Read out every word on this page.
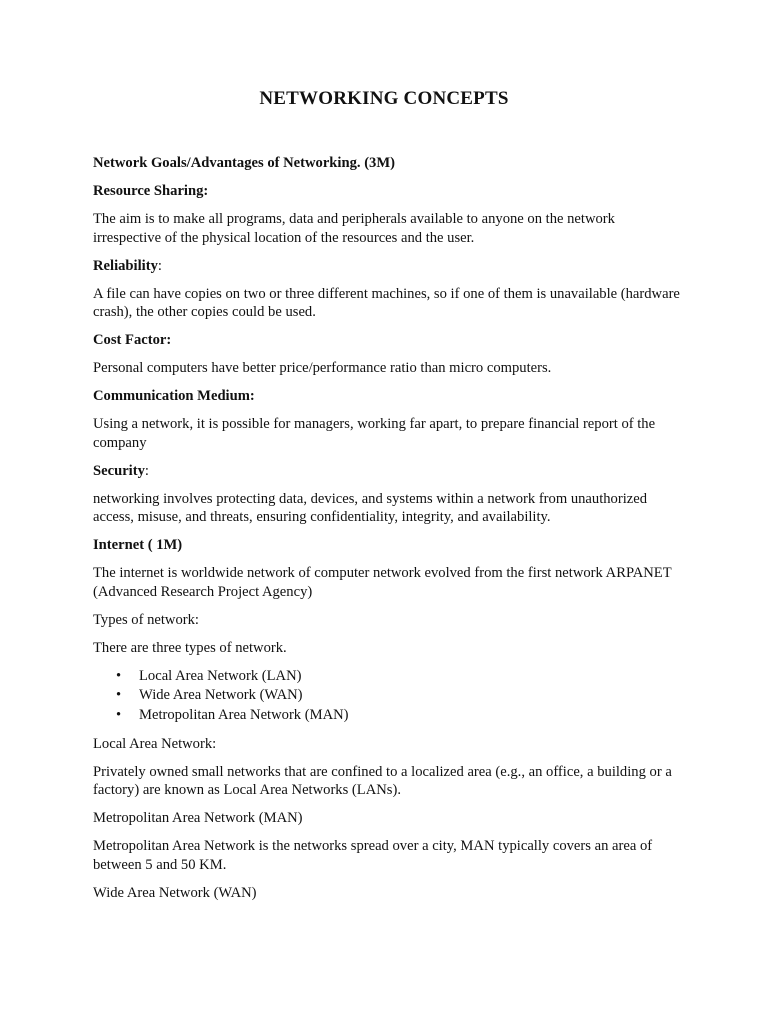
NETWORKING CONCEPTS

Network Goals/Advantages of Networking. (3M)

Resource Sharing:

The aim is to make all programs, data and peripherals available to anyone on the network irrespective of the physical location of the resources and the user.

Reliability:

A file can have copies on two or three different machines, so if one of them is unavailable (hardware crash), the other copies could be used.

Cost Factor:

Personal computers have better price/performance ratio than micro computers.

Communication Medium:

Using a network, it is possible for managers, working far apart, to prepare financial report of the company

Security:

networking involves protecting data, devices, and systems within a network from unauthorized access, misuse, and threats, ensuring confidentiality, integrity, and availability.

Internet ( 1M)

The internet is worldwide network of computer network evolved from the first network ARPANET (Advanced Research Project Agency)

Types of network:

There are three types of network.

• Local Area Network (LAN)
• Wide Area Network (WAN)
• Metropolitan Area Network (MAN)

Local Area Network:

Privately owned small networks that are confined to a localized area (e.g., an office, a building or a factory) are known as Local Area Networks (LANs).

Metropolitan Area Network (MAN)

Metropolitan Area Network is the networks spread over a city, MAN typically covers an area of between 5 and 50 KM.

Wide Area Network (WAN)
